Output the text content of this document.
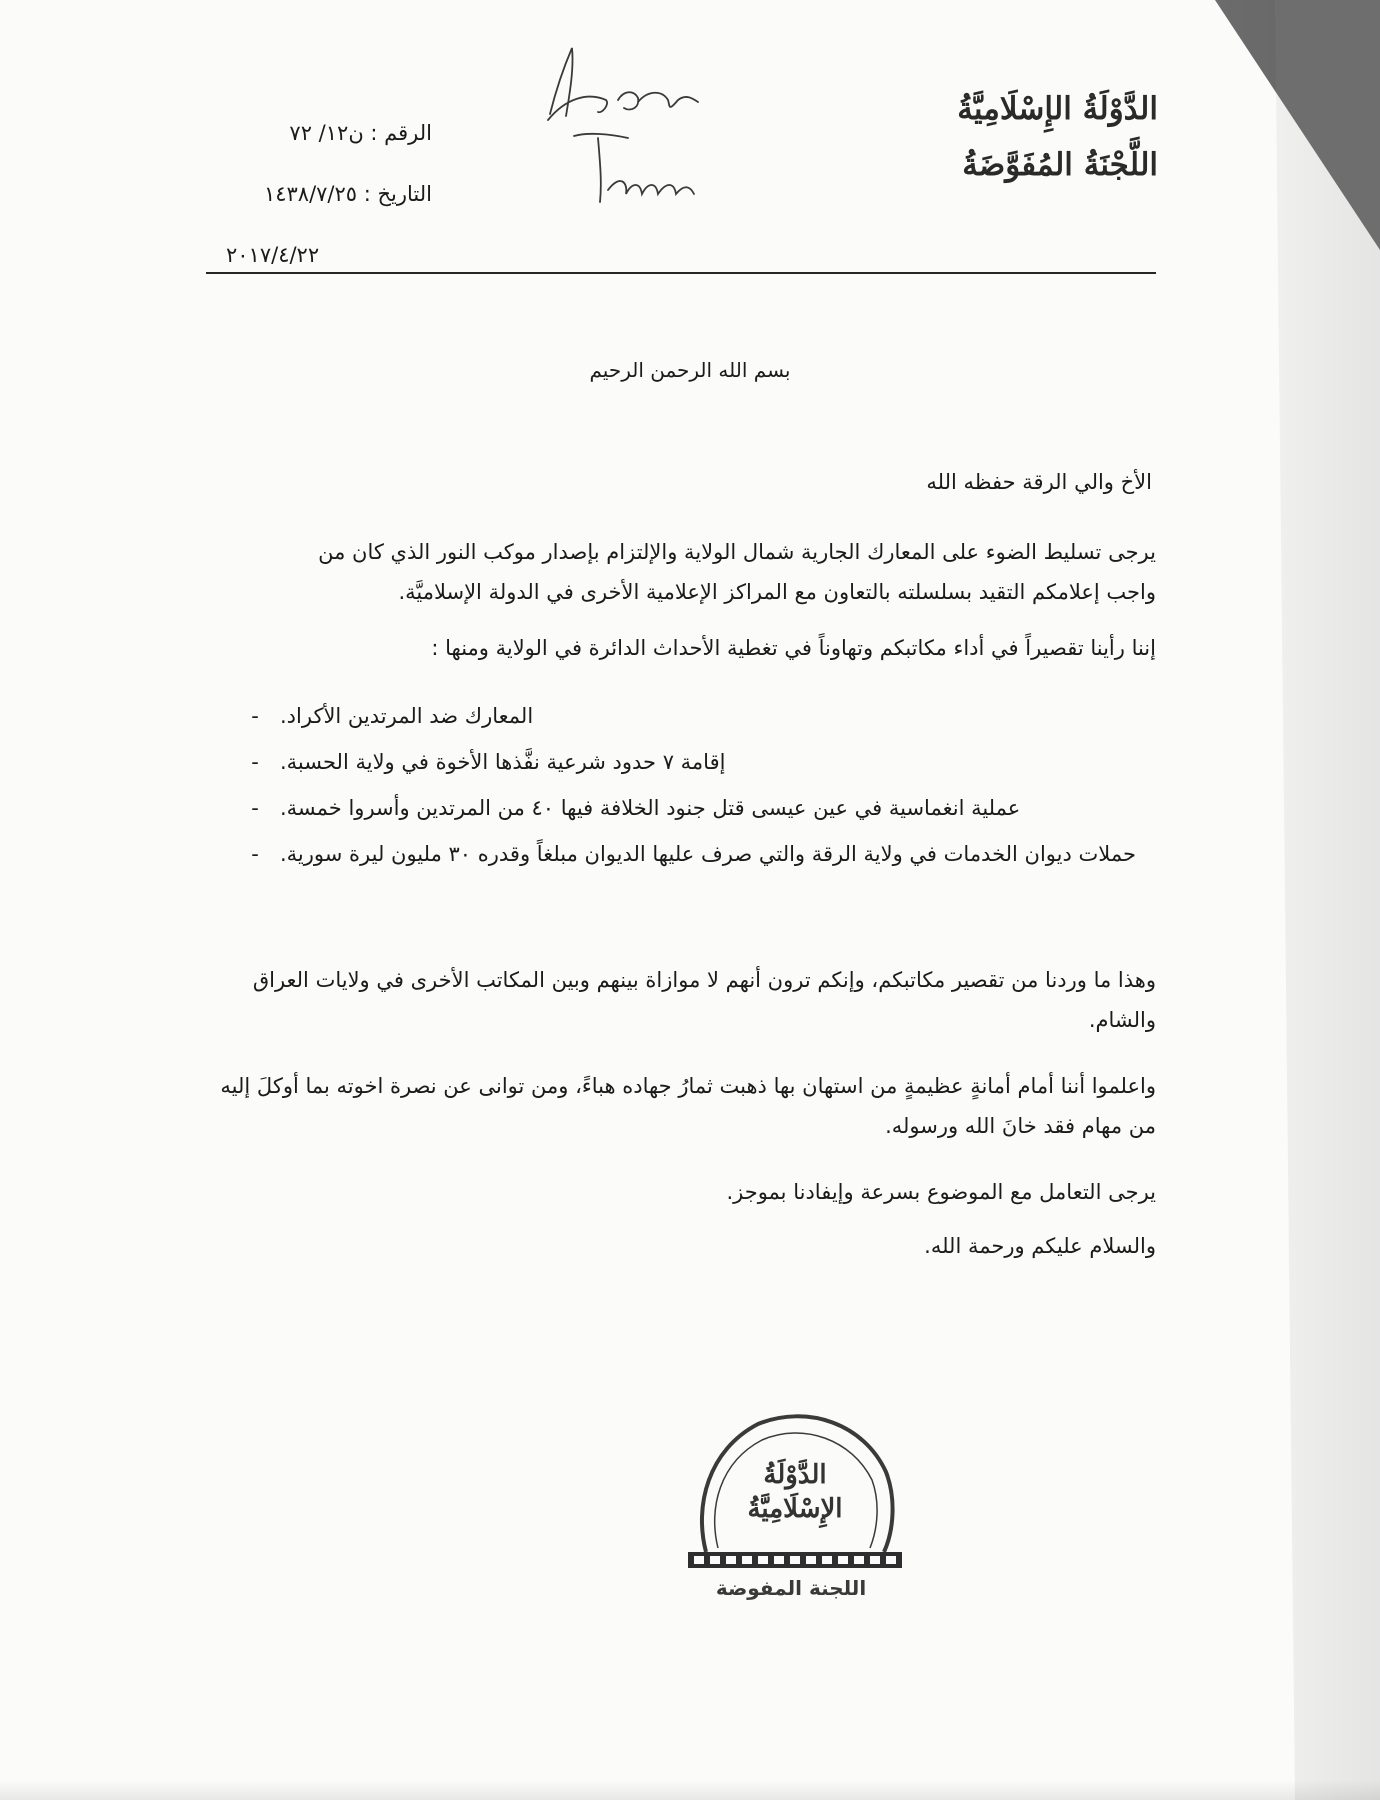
الدَّوْلَةُ الإِسْلَامِيَّةُ
اللَّجْنَةُ المُفَوَّضَةُ
الرقم : ن١٢/ ٧٢
التاريخ : ١٤٣٨/٧/٢٥
٢٠١٧/٤/٢٢
بسم الله الرحمن الرحيم
الأخ والي الرقة حفظه الله

يرجى تسليط الضوء على المعارك الجارية شمال الولاية والإلتزام بإصدار موكب النور الذي كان من واجب إعلامكم التقيد بسلسلته بالتعاون مع المراكز الإعلامية الأخرى في الدولة الإسلاميَّة.

إننا رأينا تقصيراً في أداء مكاتبكم وتهاوناً في تغطية الأحداث الدائرة في الولاية ومنها :

-	المعارك ضد المرتدين الأكراد.
-	إقامة ٧ حدود شرعية نفَّذها الأخوة في ولاية الحسبة.
-	عملية انغماسية في عين عيسى قتل جنود الخلافة فيها ٤٠ من المرتدين وأسروا خمسة.
-	حملات ديوان الخدمات في ولاية الرقة والتي صرف عليها الديوان مبلغاً وقدره ٣٠ مليون ليرة سورية.

وهذا ما وردنا من تقصير مكاتبكم، وإنكم ترون أنهم لا موازاة بينهم وبين المكاتب الأخرى في ولايات العراق والشام.

واعلموا أننا أمام أمانةٍ عظيمةٍ من استهان بها ذهبت ثمارُ جهاده هباءً، ومن توانى عن نصرة اخوته بما أوكلَ إليه من مهام فقد خانَ الله ورسوله.

يرجى التعامل مع الموضوع بسرعة وإيفادنا بموجز.

والسلام عليكم ورحمة الله.

الدَّوْلَةُ الإِسْلَامِيَّةُ
اللجنة المفوضة
